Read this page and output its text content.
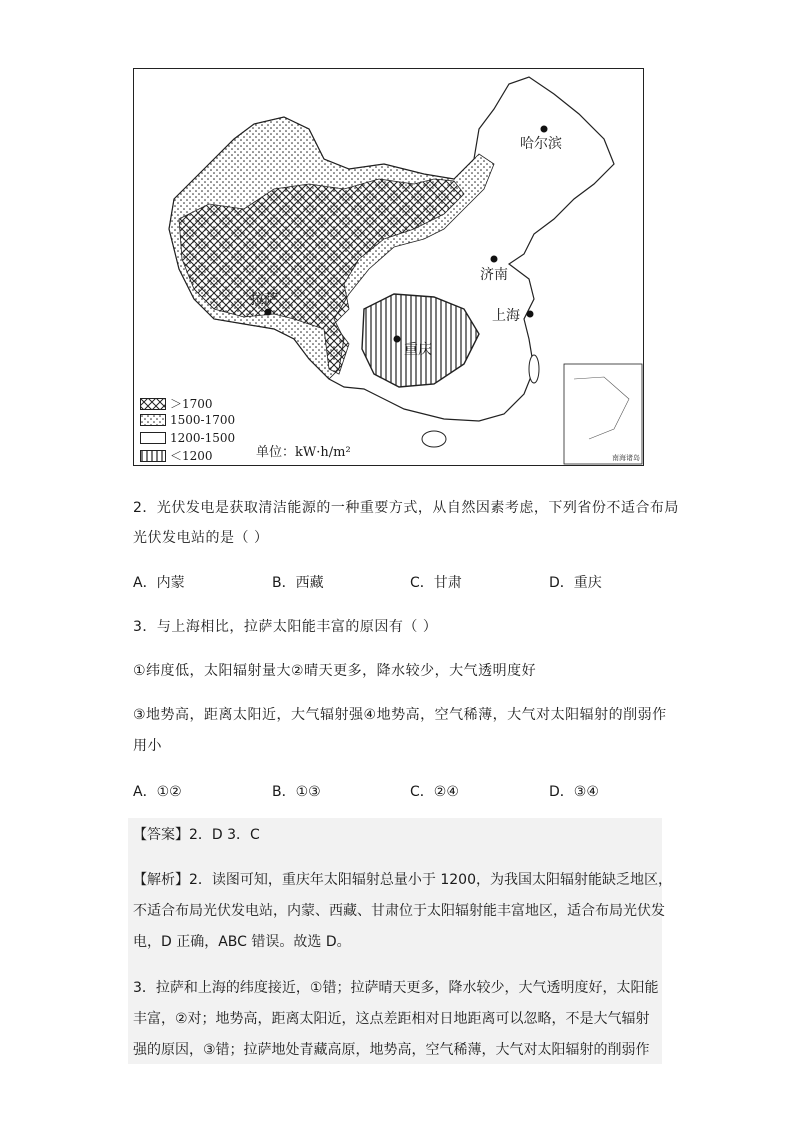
哈尔滨
济南
拉萨
上海
重庆
＞1700
1500-1700
1200-1500
＜1200	单位：kW·h/m²	南海诸岛
2．光伏发电是获取清洁能源的一种重要方式，从自然因素考虑，下列省份不适合布局
光伏发电站的是（ ）
A．内蒙	B．西藏	C．甘肃	D．重庆
3．与上海相比，拉萨太阳能丰富的原因有（ ）
①纬度低，太阳辐射量大②晴天更多，降水较少，大气透明度好
③地势高，距离太阳近，大气辐射强④地势高，空气稀薄，大气对太阳辐射的削弱作
用小
A．①②	B．①③	C．②④	D．③④
【答案】2．D 3．C
【解析】2．读图可知，重庆年太阳辐射总量小于 1200，为我国太阳辐射能缺乏地区，
不适合布局光伏发电站，内蒙、西藏、甘肃位于太阳辐射能丰富地区，适合布局光伏发
电，D 正确，ABC 错误。故选 D。
3．拉萨和上海的纬度接近，①错；拉萨晴天更多，降水较少，大气透明度好，太阳能
丰富，②对；地势高，距离太阳近，这点差距相对日地距离可以忽略，不是大气辐射
强的原因，③错；拉萨地处青藏高原，地势高，空气稀薄，大气对太阳辐射的削弱作
